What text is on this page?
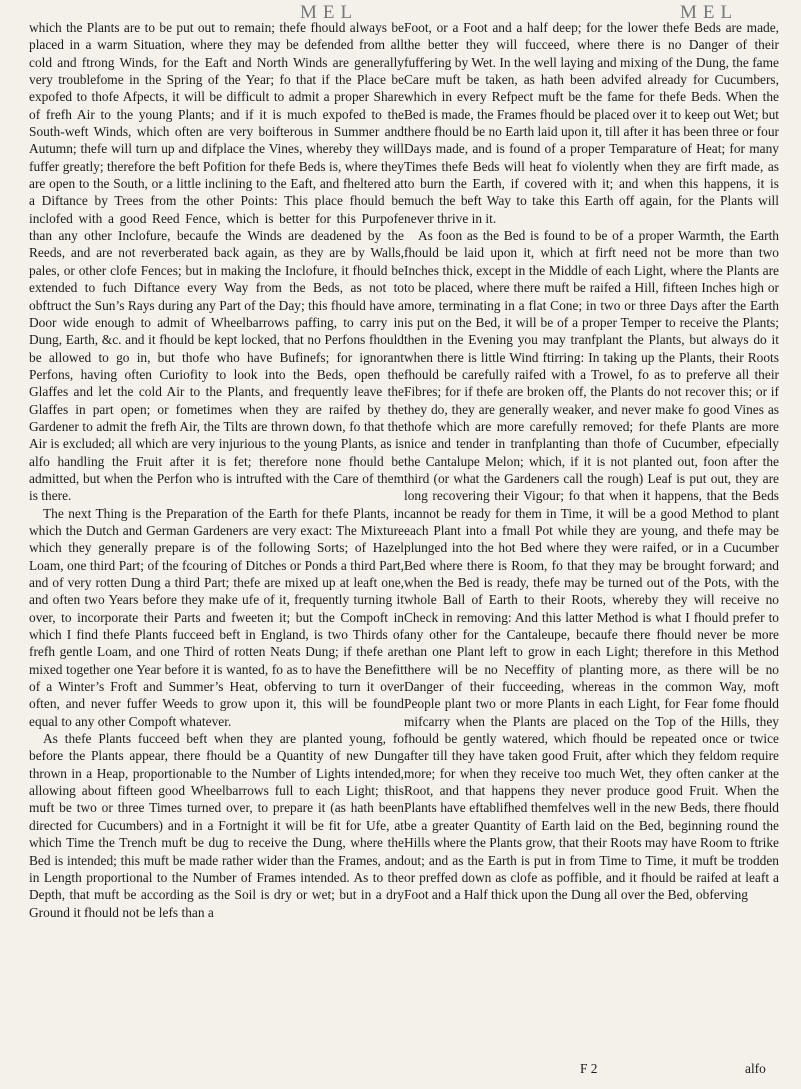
MEL	MEL

which the Plants are to be put out to remain; thefe fhould always be placed in a warm Situation, where they may be defended from all cold and ftrong Winds, for the Eaft and North Winds are generally very troublefome in the Spring of the Year; fo that if the Place be expofed to thofe Afpects, it will be difficult to admit a proper Share of frefh Air to the young Plants; and if it is much expofed to the South-weft Winds, which often are very boifterous in Summer and Autumn; thefe will turn up and difplace the Vines, whereby they will fuffer greatly; therefore the beft Pofition for thefe Beds is, where they are open to the South, or a little inclining to the Eaft, and fheltered at a Diftance by Trees from the other Points: This place fhould be inclofed with a good Reed Fence, which is better for this Purpofe than any other Inclofure, becaufe the Winds are deadened by the Reeds, and are not reverberated back again, as they are by Walls, pales, or other clofe Fences; but in making the Inclofure, it fhould be extended to fuch Diftance every Way from the Beds, as not to obftruct the Sun’s Rays during any Part of the Day; this fhould have a Door wide enough to admit of Wheelbarrows paffing, to carry in Dung, Earth, &c. and it fhould be kept locked, that no Perfons fhould be allowed to go in, but thofe who have Bufinefs; for ignorant Perfons, having often Curiofity to look into the Beds, open the Glaffes and let the cold Air to the Plants, and frequently leave the Glaffes in part open; or fometimes when they are raifed by the Gardener to admit the frefh Air, the Tilts are thrown down, fo that the Air is excluded; all which are very injurious to the young Plants, as is alfo handling the Fruit after it is fet; therefore none fhould be admitted, but when the Perfon who is intrufted with the Care of them is there.

The next Thing is the Preparation of the Earth for thefe Plants, in which the Dutch and German Gardeners are very exact: The Mixture which they generally prepare is of the following Sorts; of Hazel Loam, one third Part; of the fcouring of Ditches or Ponds a third Part, and of very rotten Dung a third Part; thefe are mixed up at leaft one, and often two Years before they make ufe of it, frequently turning it over, to incorporate their Parts and fweeten it; but the Compoft in which I find thefe Plants fucceed beft in England, is two Thirds of frefh gentle Loam, and one Third of rotten Neats Dung; if thefe are mixed together one Year before it is wanted, fo as to have the Benefit of a Winter’s Froft and Summer’s Heat, obferving to turn it over often, and never fuffer Weeds to grow upon it, this will be found equal to any other Compoft whatever.

As thefe Plants fucceed beft when they are planted young, fo before the Plants appear, there fhould be a Quantity of new Dung thrown in a Heap, proportionable to the Number of Lights intended, allowing about fifteen good Wheelbarrows full to each Light; this muft be two or three Times turned over, to prepare it (as hath been directed for Cucumbers) and in a Fortnight it will be fit for Ufe, at which Time the Trench muft be dug to receive the Dung, where the Bed is intended; this muft be made rather wider than the Frames, and in Length proportional to the Number of Frames intended. As to the Depth, that muft be according as the Soil is dry or wet; but in a dry Ground it fhould not be lefs than a

Foot, or a Foot and a half deep; for the lower thefe Beds are made, the better they will fucceed, where there is no Danger of their fuffering by Wet. In the well laying and mixing of the Dung, the fame Care muft be taken, as hath been advifed already for Cucumbers, which in every Refpect muft be the fame for thefe Beds. When the Bed is made, the Frames fhould be placed over it to keep out Wet; but there fhould be no Earth laid upon it, till after it has been three or four Days made, and is found of a proper Temparature of Heat; for many Times thefe Beds will heat fo violently when they are firft made, as to burn the Earth, if covered with it; and when this happens, it is much the beft Way to take this Earth off again, for the Plants will never thrive in it.

As foon as the Bed is found to be of a proper Warmth, the Earth fhould be laid upon it, which at firft need not be more than two Inches thick, except in the Middle of each Light, where the Plants are to be placed, where there muft be raifed a Hill, fifteen Inches high or more, terminating in a flat Cone; in two or three Days after the Earth is put on the Bed, it will be of a proper Temper to receive the Plants; then in the Evening you may tranfplant the Plants, but always do it when there is little Wind ftirring: In taking up the Plants, their Roots fhould be carefully raifed with a Trowel, fo as to preferve all their Fibres; for if thefe are broken off, the Plants do not recover this; or if they do, they are generally weaker, and never make fo good Vines as thofe which are more carefully removed; for thefe Plants are more nice and tender in tranfplanting than thofe of Cucumber, efpecially the Cantalupe Melon; which, if it is not planted out, foon after the third (or what the Gardeners call the rough) Leaf is put out, they are long recovering their Vigour; fo that when it happens, that the Beds cannot be ready for them in Time, it will be a good Method to plant each Plant into a fmall Pot while they are young, and thefe may be plunged into the hot Bed where they were raifed, or in a Cucumber Bed where there is Room, fo that they may be brought forward; and when the Bed is ready, thefe may be turned out of the Pots, with the whole Ball of Earth to their Roots, whereby they will receive no Check in removing: And this latter Method is what I fhould prefer to any other for the Cantaleupe, becaufe there fhould never be more than one Plant left to grow in each Light; therefore in this Method there will be no Neceffity of planting more, as there will be no Danger of their fucceeding, whereas in the common Way, moft People plant two or more Plants in each Light, for Fear fome fhould mifcarry when the Plants are placed on the Top of the Hills, they fhould be gently watered, which fhould be repeated once or twice after till they have taken good Fruit, after which they feldom require more; for when they receive too much Wet, they often canker at the Root, and that happens they never produce good Fruit. When the Plants have eftablifhed themfelves well in the new Beds, there fhould be a greater Quantity of Earth laid on the Bed, beginning round the Hills where the Plants grow, that their Roots may have Room to ftrike out; and as the Earth is put in from Time to Time, it muft be trodden or preffed down as clofe as poffible, and it fhould be raifed at leaft a Foot and a Half thick upon the Dung all over the Bed, obferving

F 2	alfo
